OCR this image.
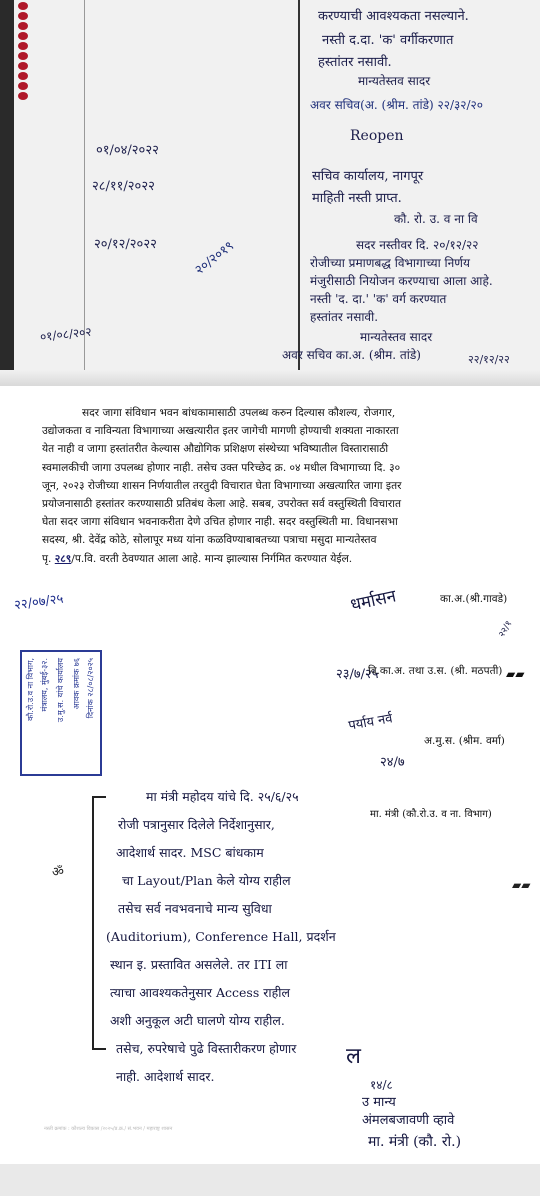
०१/०४/२०२२
२८/११/२०२२
२०/१२/२०२२
०१/०८/२०२
२०/२०१९
करण्याची आवश्यकता नसल्याने.
नस्ती द.दा. 'क' वर्गीकरणात
हस्तांतर नसावी.
मान्यतेस्तव सादर
अवर सचिव(अ. (श्रीम. तांडे) २२/३२/२०
Reopen
सचिव कार्यालय, नागपूर
माहिती नस्ती प्राप्त.
कौ. रो. उ. व ना वि
सदर नस्तीवर दि. २०/१२/२२
रोजीच्या प्रमाणबद्ध विभागाच्या निर्णय
मंजुरीसाठी नियोजन करण्याचा आला आहे.
नस्ती 'द. दा.' 'क' वर्ग करण्यात
हस्तांतर नसावी.
मान्यतेस्तव सादर
अवर सचिव का.अ. (श्रीम. तांडे)	२२/१२/२२
सदर जागा संविधान भवन बांधकामासाठी उपलब्ध करुन दिल्यास कौशल्य, रोजगार,
उद्योजकता व नाविन्यता विभागाच्या अखत्यारीत इतर जागेची मागणी होण्याची शक्यता नाकारता
येत नाही व जागा हस्तांतरीत केल्यास औद्योगिक प्रशिक्षण संस्थेच्या भविष्यातील विस्तारासाठी
स्वमालकीची जागा उपलब्ध होणार नाही. तसेच उक्त परिच्छेद क्र. ०४ मधील विभागाच्या दि. ३०
जून, २०२३ रोजीच्या शासन निर्णयातील तरतुदी विचारात घेता विभागाच्या अखत्यारित जागा इतर
प्रयोजनासाठी हस्तांतर करण्यासाठी प्रतिबंध केला आहे. सबब, उपरोक्त सर्व वस्तुस्थिती विचारात
घेता सदर जागा संविधान भवनाकरीता देणे उचित होणार नाही. सदर वस्तुस्थिती मा. विधानसभा
सदस्य, श्री. देवेंद्र कोठे, सोलापूर मध्य यांना कळविण्याबाबतच्या पत्राचा मसुदा मान्यतेस्तव
पृ. २८९/प.वि. वरती ठेवण्यात आला आहे. मान्य झाल्यास निर्गमित करण्यात येईल.
२२/०७/२५	धर्मासन	का.अ.(श्री.गावडे)
२२/१
२३/७/२५
वि.का.अ. तथा उ.स. (श्री. मठपती) ▰▰
पर्याय नर्व
२४/७
अ.मु.स. (श्रीम. वर्मा)
मा. मंत्री (कौ.रो.उ. व ना. विभाग)
कौ.रो.उ.व ना विभाग, मंत्रालय, मुंबई-३२. उ.मु.स. यांचे कार्यालय आवक क्रमांक ७६ दिनांक २८/०८/२०२५
ॐ
▰▰
मा मंत्री महोदय यांचे दि. २५/६/२५
रोजी पत्रानुसार दिलेले निर्देशानुसार,
आदेशार्थ सादर. MSC बांधकाम
चा Layout/Plan केले योग्य राहील
तसेच सर्व नवभवनाचे मान्य सुविधा
(Auditorium), Conference Hall, प्रदर्शन
स्थान इ. प्रस्तावित असलेले. तर ITI ला
त्याचा आवश्यकतेनुसार Access राहील
अशी अनुकूल अटी घालणे योग्य राहील.
तसेच, रुपरेषाचे पुढे विस्तारीकरण होणार
नाही. आदेशार्थ सादर.
ल
१४/८
उ मान्य
अंमलबजावणी व्हावे
मा. मंत्री (कौ. रो.)
नस्ती क्रमांक : कौशल्य विकास /२०२५/प्र.क्र./ सं.भवन / महाराष्ट्र शासन
